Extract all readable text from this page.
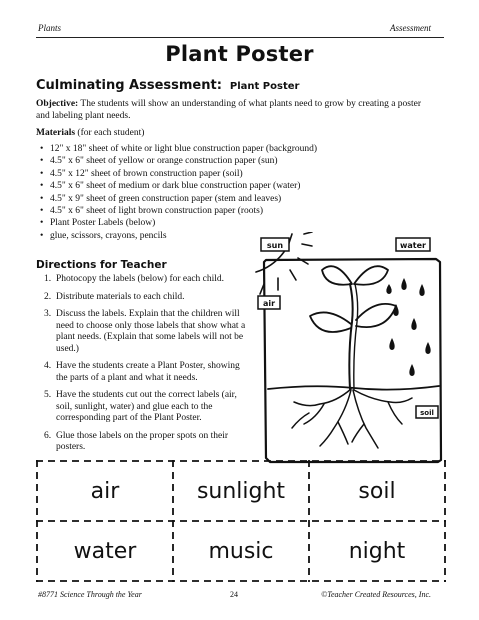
Plants	Assessment
Plant Poster
Culminating Assessment: Plant Poster
Objective: The students will show an understanding of what plants need to grow by creating a poster and labeling plant needs.
Materials (for each student)
• 12" x 18" sheet of white or light blue construction paper (background)
• 4.5" x 6" sheet of yellow or orange construction paper (sun)
• 4.5" x 12" sheet of brown construction paper (soil)
• 4.5" x 6" sheet of medium or dark blue construction paper (water)
• 4.5" x 9" sheet of green construction paper (stem and leaves)
• 4.5" x 6" sheet of light brown construction paper (roots)
• Plant Poster Labels (below)
• glue, scissors, crayons, pencils
Directions for Teacher
1. Photocopy the labels (below) for each child.
2. Distribute materials to each child.
3. Discuss the labels. Explain that the children will need to choose only those labels that show what a plant needs. (Explain that some labels will not be used.)
4. Have the students create a Plant Poster, showing the parts of a plant and what it needs.
5. Have the students cut out the correct labels (air, soil, sunlight, water) and glue each to the corresponding part of the Plant Poster.
6. Glue those labels on the proper spots on their posters.
sun	water
air
soil
air	sunlight	soil
water	music	night
#8771 Science Through the Year	24	©Teacher Created Resources, Inc.
